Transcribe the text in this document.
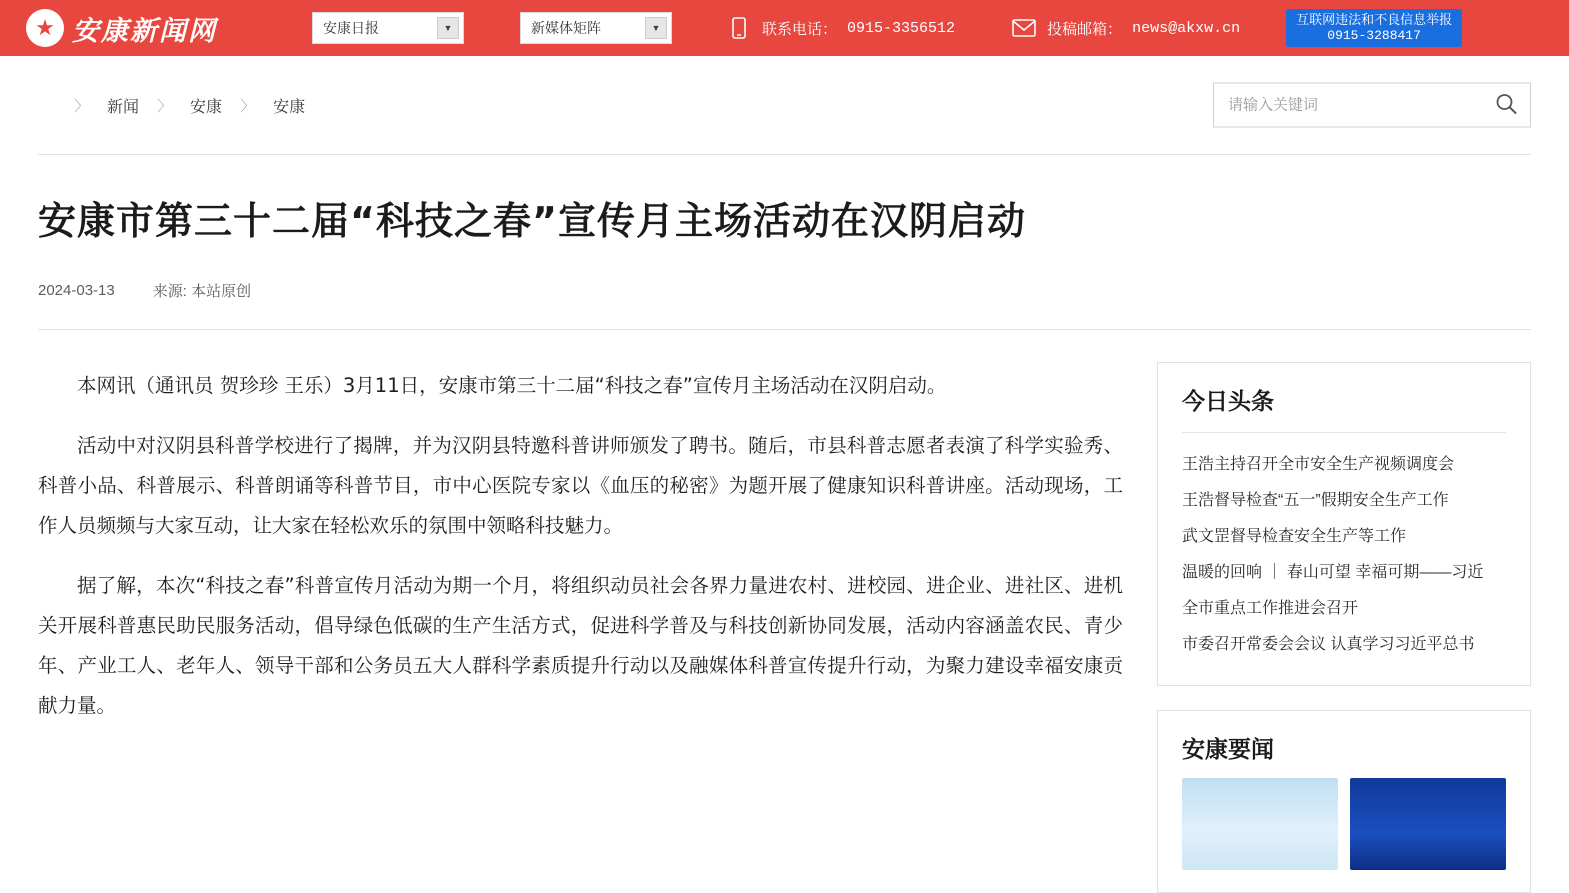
★ 安康新闻网	安康日报	▼	新媒体矩阵	▼	联系电话： 0915-3356512	投稿邮箱： news@akxw.cn
互联网违法和不良信息举报
0915-3288417
〉 新闻 〉 安康 〉 安康
请输入关键词
安康市第三十二届“科技之春”宣传月主场活动在汉阴启动
2024-03-13	来源: 本站原创

本网讯（通讯员 贺珍珍 王乐）3月11日，安康市第三十二届“科技之春”宣传月主场活动在汉阴启动。

活动中对汉阴县科普学校进行了揭牌，并为汉阴县特邀科普讲师颁发了聘书。随后，市县科普志愿者表演了科学实验秀、科普小品、科普展示、科普朗诵等科普节目，市中心医院专家以《血压的秘密》为题开展了健康知识科普讲座。活动现场，工作人员频频与大家互动，让大家在轻松欢乐的氛围中领略科技魅力。

据了解，本次“科技之春”科普宣传月活动为期一个月，将组织动员社会各界力量进农村、进校园、进企业、进社区、进机关开展科普惠民助民服务活动，倡导绿色低碳的生产生活方式，促进科学普及与科技创新协同发展，活动内容涵盖农民、青少年、产业工人、老年人、领导干部和公务员五大人群科学素质提升行动以及融媒体科普宣传提升行动，为聚力建设幸福安康贡献力量。

今日头条
王浩主持召开全市安全生产视频调度会
王浩督导检查“五一”假期安全生产工作
武文罡督导检查安全生产等工作
温暖的回响 ｜ 春山可望 幸福可期——习近
全市重点工作推进会召开
市委召开常委会会议 认真学习习近平总书
安康要闻
